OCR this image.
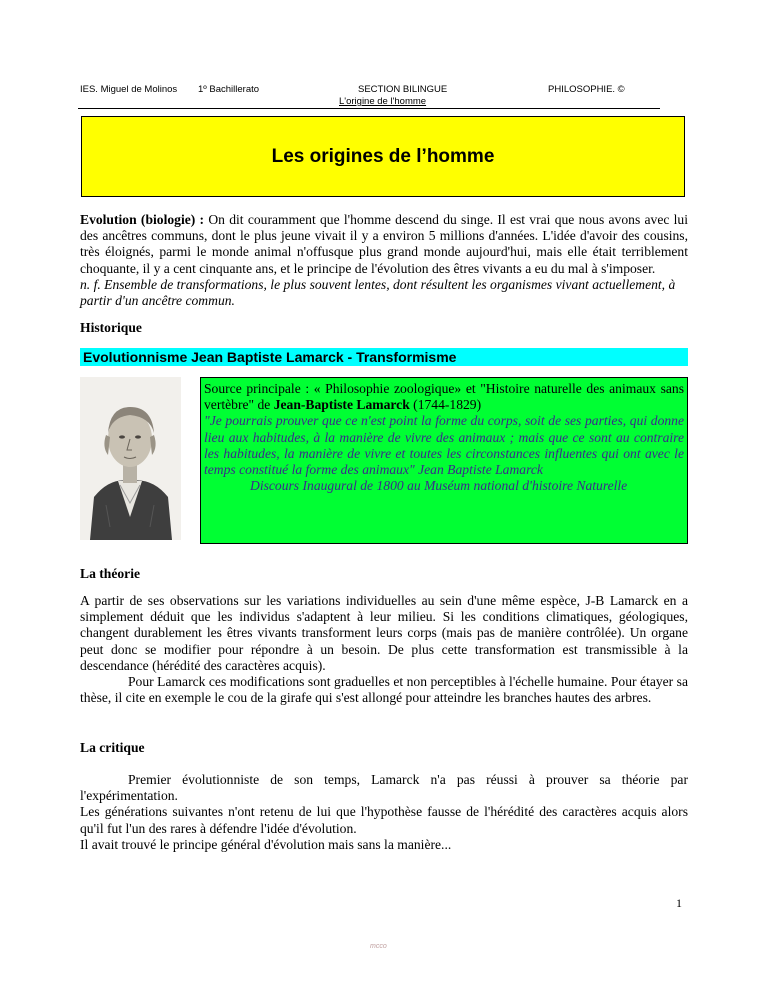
IES. Miguel de Molinos 1º Bachillerato	SECTION BILINGUE
L'origine de l'homme
PHILOSOPHIE. ©
Les origines de l’homme

Evolution (biologie) : On dit couramment que l'homme descend du singe. Il est vrai que nous avons avec lui des ancêtres communs, dont le plus jeune vivait il y a environ 5 millions d'années. L'idée d'avoir des cousins, très éloignés, parmi le monde animal n'offusque plus grand monde aujourd'hui, mais elle était terriblement choquante, il y a cent cinquante ans, et le principe de l'évolution des êtres vivants a eu du mal à s'imposer.

n. f. Ensemble de transformations, le plus souvent lentes, dont résultent les organismes vivant actuellement, à partir d'un ancêtre commun.

Historique
Evolutionnisme Jean Baptiste Lamarck - Transformisme

Source principale : « Philosophie zoologique» et "Histoire naturelle des animaux sans vertèbre" de Jean-Baptiste Lamarck (1744-1829)

"Je pourrais prouver que ce n'est point la forme du corps, soit de ses parties, qui donne lieu aux habitudes, à la manière de vivre des animaux ; mais que ce sont au contraire les habitudes, la manière de vivre et toutes les circonstances influentes qui ont avec le temps constitué la forme des animaux" Jean Baptiste Lamarck

Discours Inaugural de 1800 au Muséum national d'histoire Naturelle

La théorie

A partir de ses observations sur les variations individuelles au sein d'une même espèce, J-B Lamarck en a simplement déduit que les individus s'adaptent à leur milieu. Si les conditions climatiques, géologiques, changent durablement les êtres vivants transforment leurs corps (mais pas de manière contrôlée). Un organe peut donc se modifier pour répondre à un besoin. De plus cette transformation est transmissible à la descendance (hérédité des caractères acquis).

Pour Lamarck ces modifications sont graduelles et non perceptibles à l'échelle humaine. Pour étayer sa thèse, il cite en exemple le cou de la girafe qui s'est allongé pour atteindre les branches hautes des arbres.

La critique

Premier évolutionniste de son temps, Lamarck n'a pas réussi à prouver sa théorie par l'expérimentation.

Les générations suivantes n'ont retenu de lui que l'hypothèse fausse de l'hérédité des caractères acquis alors qu'il fut l'un des rares à défendre l'idée d'évolution.

Il avait trouvé le principe général d'évolution mais sans la manière...

1
mcco
